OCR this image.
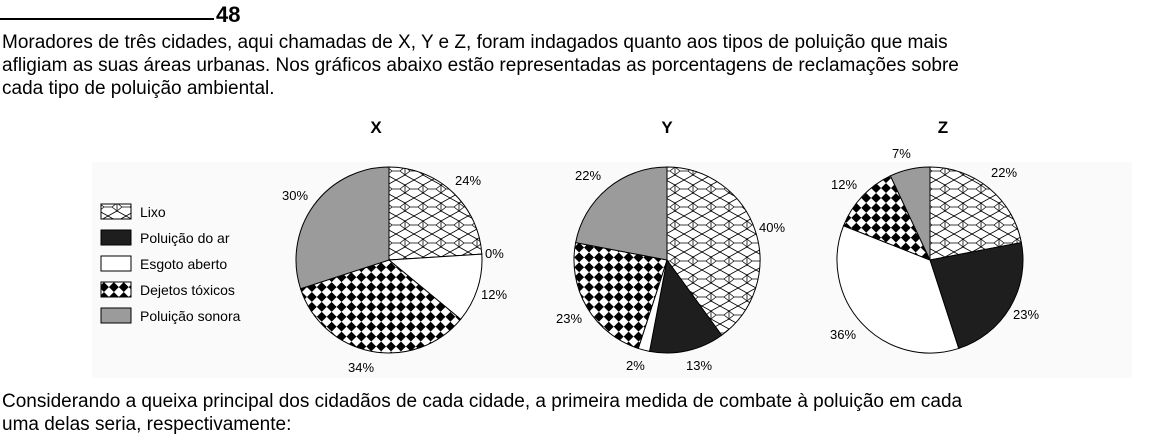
48
Moradores de três cidades, aqui chamadas de X, Y e Z, foram indagados quanto aos tipos de poluição que mais
afligiam as suas áreas urbanas. Nos gráficos abaixo estão representadas as porcentagens de reclamações sobre
cada tipo de poluição ambiental.
Lixo
Poluição do ar
Esgoto aberto
Dejetos tóxicos
Poluição sonora
X	Y	Z
24%
0%
12%
34%
30%
40%
13%
2%
23%
22%	22%
23%
36%
12%
7%
Considerando a queixa principal dos cidadãos de cada cidade, a primeira medida de combate à poluição em cada
uma delas seria, respectivamente:
